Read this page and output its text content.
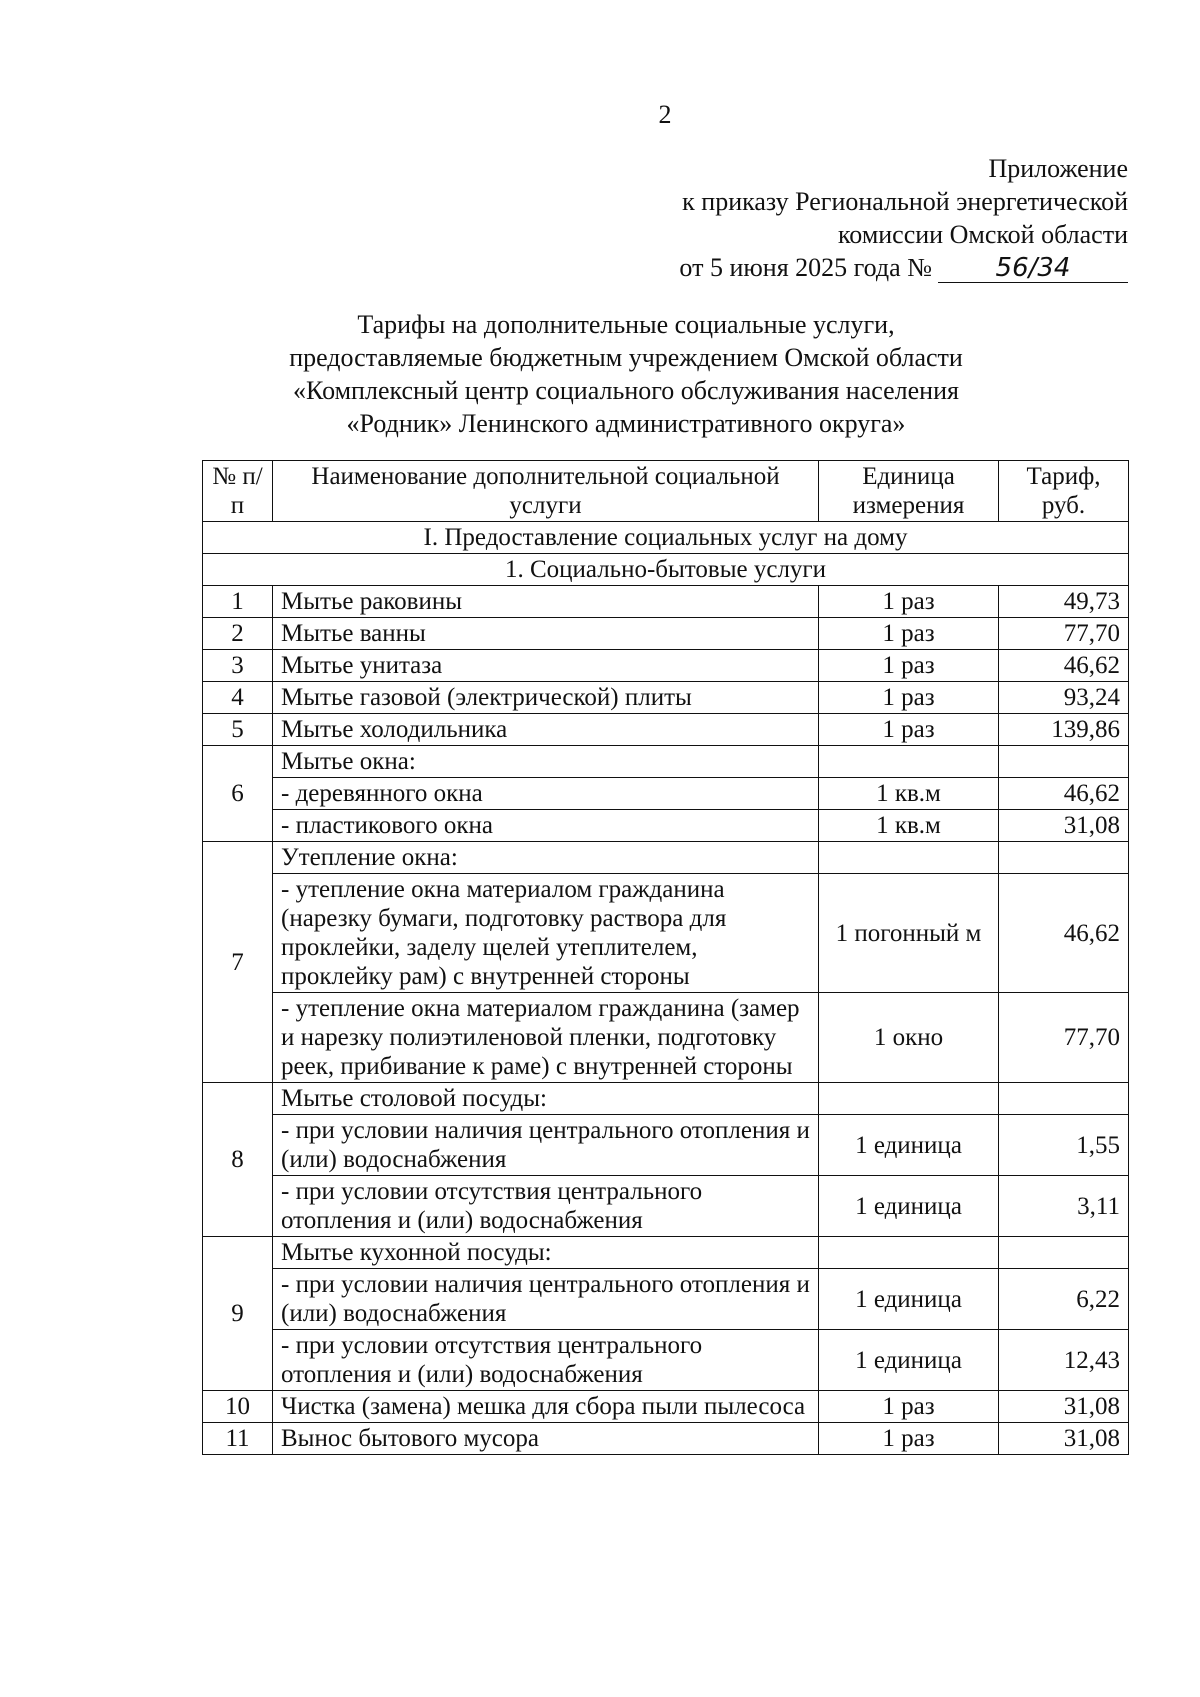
2
Приложение
к приказу Региональной энергетической
комиссии Омской области
от 5 июня 2025 года № 56/34
Тарифы на дополнительные социальные услуги,
предоставляемые бюджетным учреждением Омской области
«Комплексный центр социального обслуживания населения
«Родник» Ленинского административного округа»
№ п/п	Наименование дополнительной социальной услуги	Единица измерения	Тариф, руб.
I. Предоставление социальных услуг на дому			
1. Социально-бытовые услуги			
1	Мытье раковины	1 раз	49,73
2	Мытье ванны	1 раз	77,70
3	Мытье унитаза	1 раз	46,62
4	Мытье газовой (электрической) плиты	1 раз	93,24
5	Мытье холодильника	1 раз	139,86
6	Мытье окна:		
	- деревянного окна	1 кв.м	46,62
	- пластикового окна	1 кв.м	31,08
7	Утепление окна:		
	- утепление окна материалом гражданина (нарезку бумаги, подготовку раствора для проклейки, заделу щелей утеплителем, проклейку рам) с внутренней стороны	1 погонный м	46,62
	- утепление окна материалом гражданина (замер и нарезку полиэтиленовой пленки, подготовку реек, прибивание к раме) с внутренней стороны	1 окно	77,70
8	Мытье столовой посуды:		
	- при условии наличия центрального отопления и (или) водоснабжения	1 единица	1,55
	- при условии отсутствия центрального отопления и (или) водоснабжения	1 единица	3,11
9	Мытье кухонной посуды:		
	- при условии наличия центрального отопления и (или) водоснабжения	1 единица	6,22
	- при условии отсутствия центрального отопления и (или) водоснабжения	1 единица	12,43
10	Чистка (замена) мешка для сбора пыли пылесоса	1 раз	31,08
11	Вынос бытового мусора	1 раз	31,08
